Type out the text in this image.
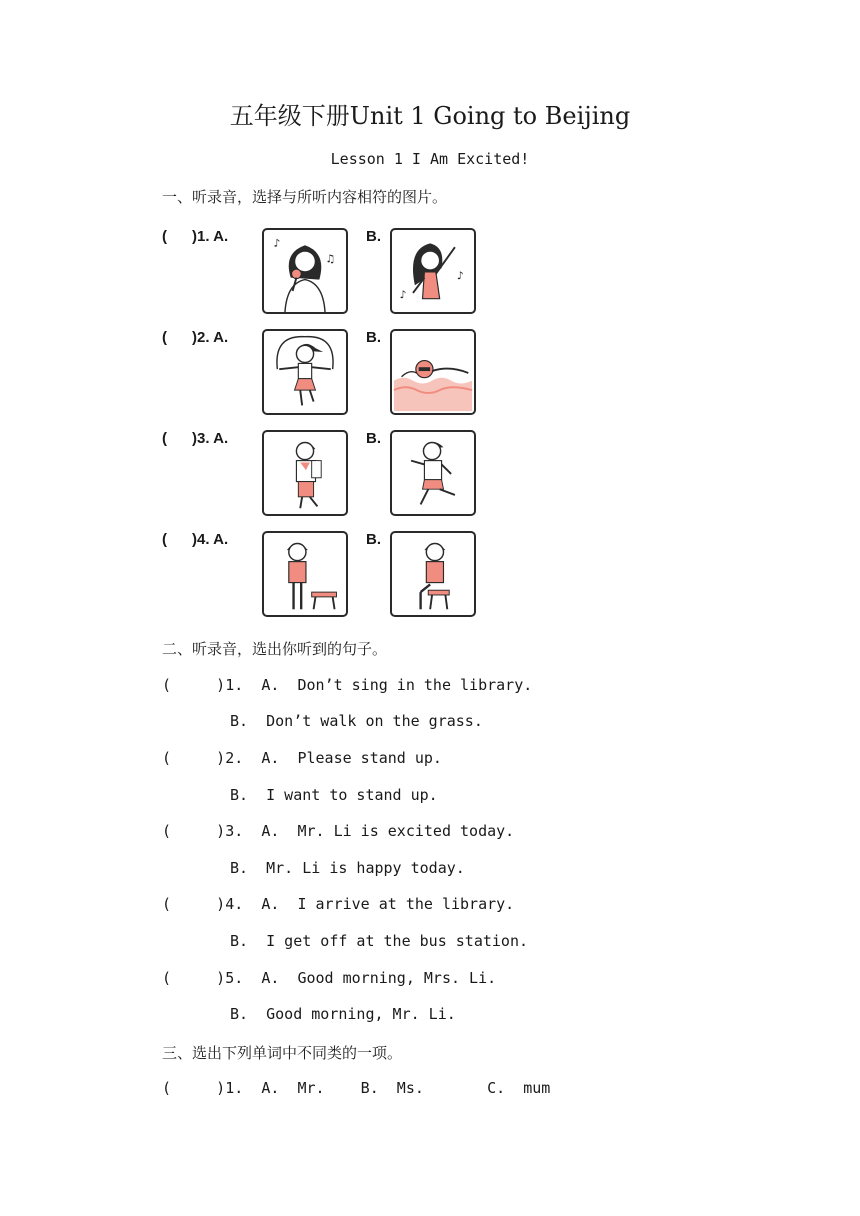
五年级下册Unit 1 Going to Beijing
Lesson 1 I Am Excited!
一、听录音，选择与所听内容相符的图片。
(      )1. A.	♪
♫
B.
♪
♪
(      )2. A.	B.
(      )3. A.	B.
(      )4. A.	B.
二、听录音，选出你听到的句子。
(     )1.  A.  Don’t sing in the library.
B.  Don’t walk on the grass.
(     )2.  A.  Please stand up.
B.  I want to stand up.
(     )3.  A.  Mr. Li is excited today.
B.  Mr. Li is happy today.
(     )4.  A.  I arrive at the library.
B.  I get off at the bus station.
(     )5.  A.  Good morning, Mrs. Li.
B.  Good morning, Mr. Li.
三、选出下列单词中不同类的一项。
(     )1.  A.  Mr.    B.  Ms.       C.  mum
